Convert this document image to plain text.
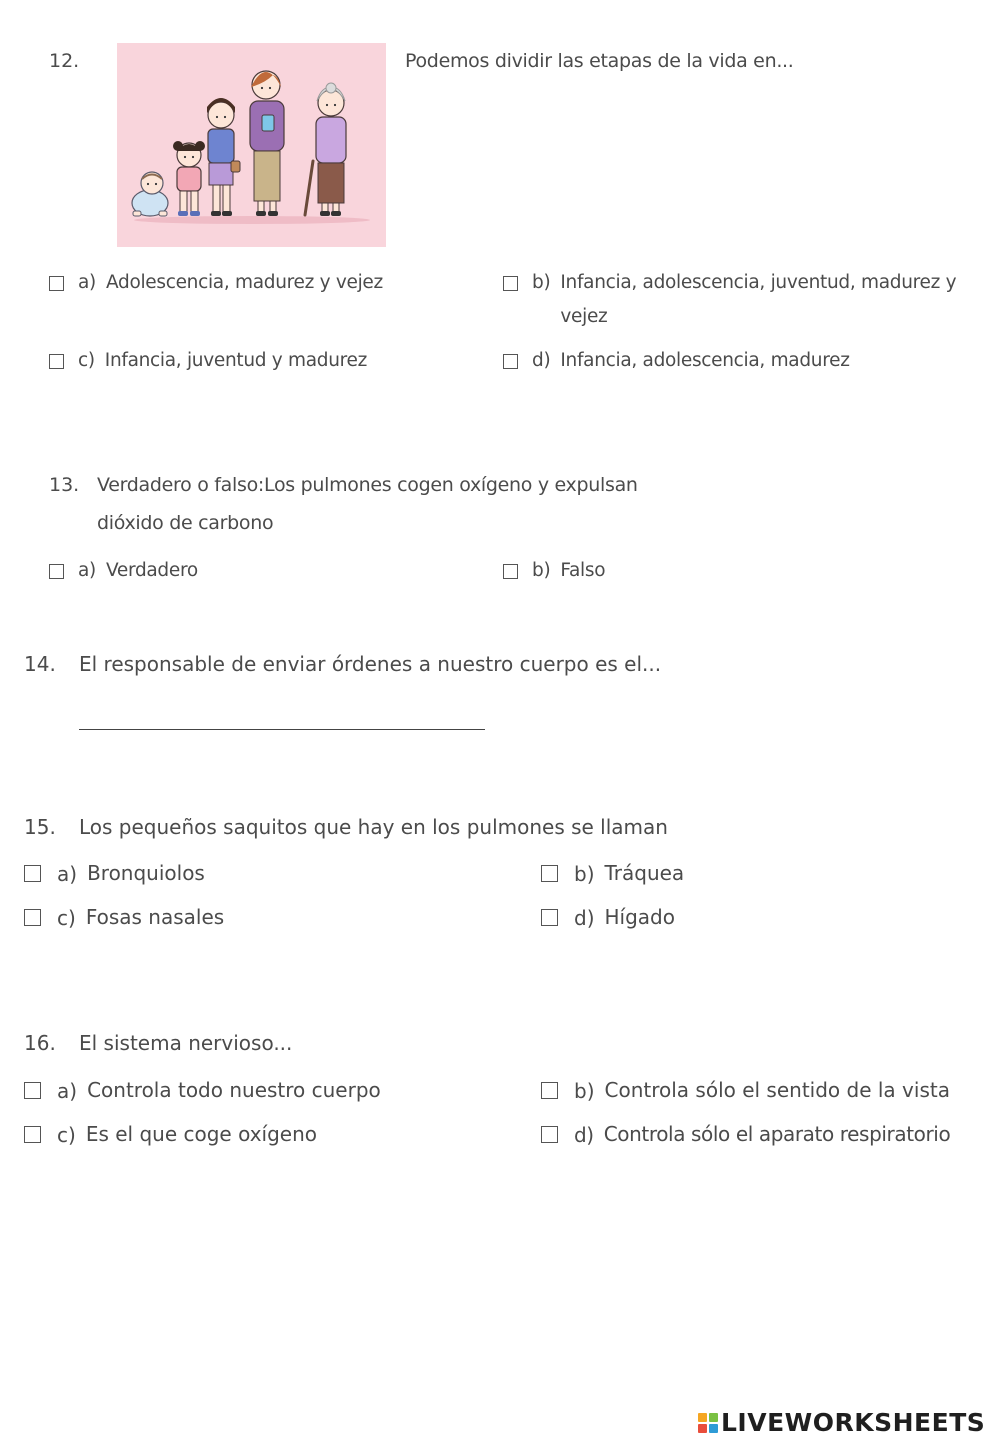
12.	Podemos dividir las etapas de la vida en...
a) Adolescencia, madurez y vejez	b) Infancia, adolescencia, juventud, madurez y vejez
c) Infancia, juventud y madurez	d) Infancia, adolescencia, madurez
13. Verdadero o falso:Los pulmones cogen oxígeno y expulsan dióxido de carbono
a) Verdadero	b) Falso
14. El responsable de enviar órdenes a nuestro cuerpo es el...
15. Los pequeños saquitos que hay en los pulmones se llaman
a) Bronquiolos	b) Tráquea
c) Fosas nasales	d) Hígado
16. El sistema nervioso...
a) Controla todo nuestro cuerpo	b) Controla sólo el sentido de la vista
c) Es el que coge oxígeno	d) Controla sólo el aparato respiratorio
LIVEWORKSHEETS
